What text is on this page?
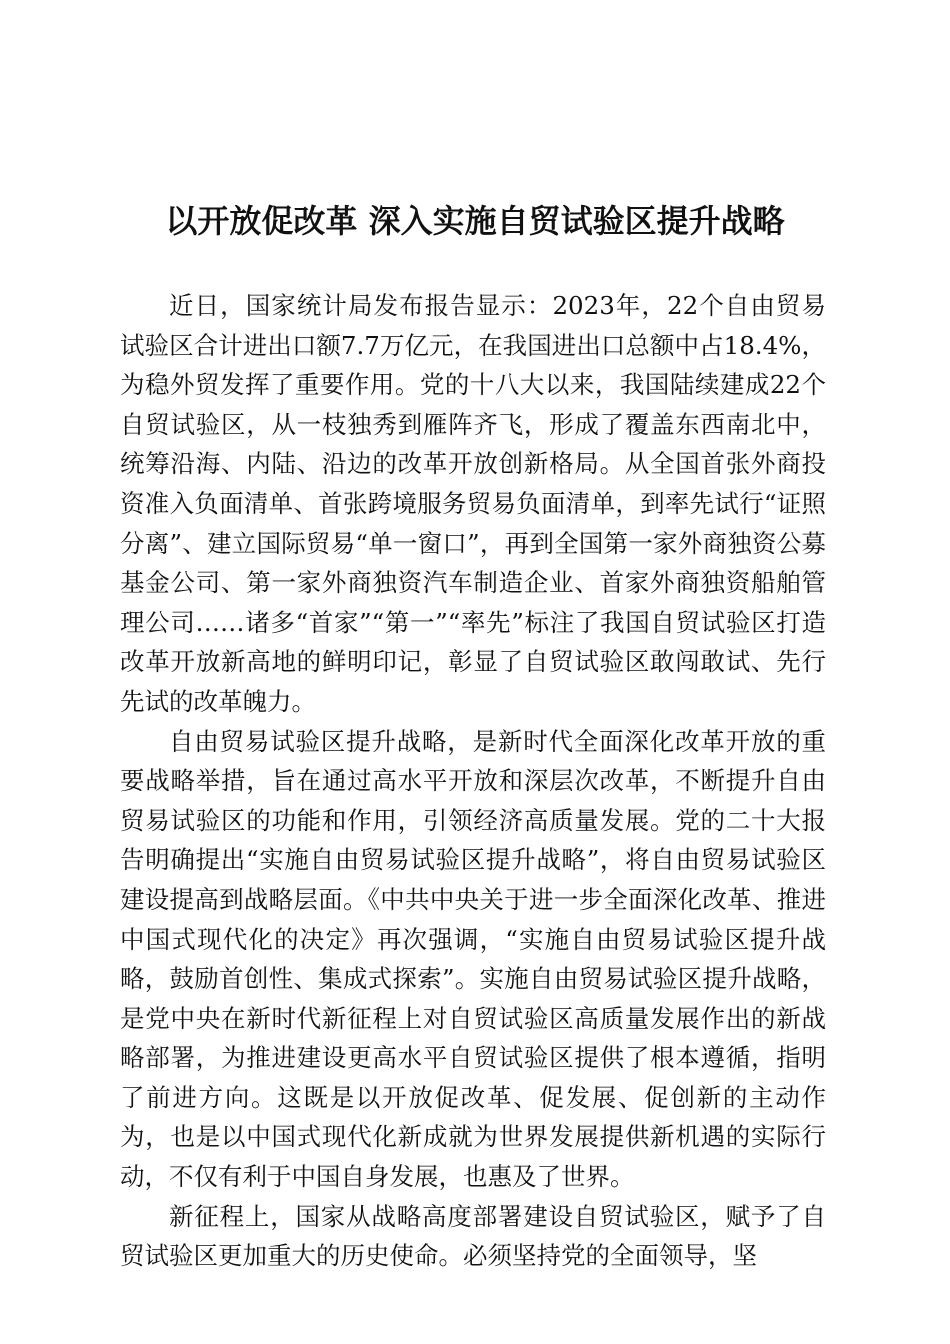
以开放促改革 深入实施自贸试验区提升战略

近日，国家统计局发布报告显示：2023年，22个自由贸易试验区合计进出口额7.7万亿元，在我国进出口总额中占18.4%，为稳外贸发挥了重要作用。党的十八大以来，我国陆续建成22个自贸试验区，从一枝独秀到雁阵齐飞，形成了覆盖东西南北中，统筹沿海、内陆、沿边的改革开放创新格局。从全国首张外商投资准入负面清单、首张跨境服务贸易负面清单，到率先试行“证照分离”、建立国际贸易“单一窗口”，再到全国第一家外商独资公募基金公司、第一家外商独资汽车制造企业、首家外商独资船舶管理公司……诸多“首家”“第一”“率先”标注了我国自贸试验区打造改革开放新高地的鲜明印记，彰显了自贸试验区敢闯敢试、先行先试的改革魄力。

自由贸易试验区提升战略，是新时代全面深化改革开放的重要战略举措，旨在通过高水平开放和深层次改革，不断提升自由贸易试验区的功能和作用，引领经济高质量发展。党的二十大报告明确提出“实施自由贸易试验区提升战略”，将自由贸易试验区建设提高到战略层面。《中共中央关于进一步全面深化改革、推进中国式现代化的决定》再次强调，“实施自由贸易试验区提升战略，鼓励首创性、集成式探索”。实施自由贸易试验区提升战略，是党中央在新时代新征程上对自贸试验区高质量发展作出的新战略部署，为推进建设更高水平自贸试验区提供了根本遵循，指明了前进方向。这既是以开放促改革、促发展、促创新的主动作为，也是以中国式现代化新成就为世界发展提供新机遇的实际行动，不仅有利于中国自身发展，也惠及了世界。

新征程上，国家从战略高度部署建设自贸试验区，赋予了自贸试验区更加重大的历史使命。必须坚持党的全面领导，坚
